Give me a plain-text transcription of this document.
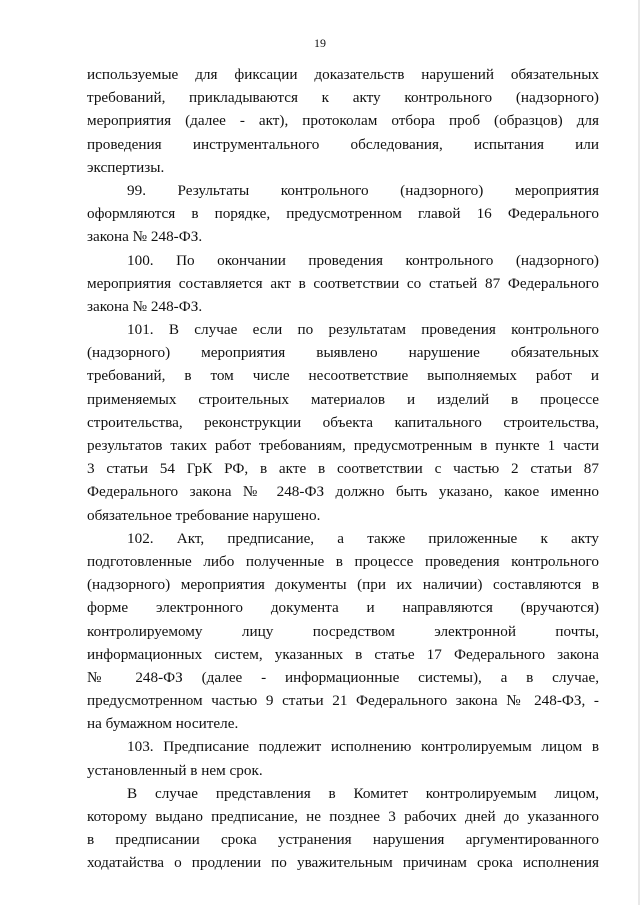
19
используемые для фиксации доказательств нарушений обязательных
требований, прикладываются к акту контрольного (надзорного)
мероприятия (далее - акт), протоколам отбора проб (образцов) для
проведения инструментального обследования, испытания или
экспертизы.
99. Результаты контрольного (надзорного) мероприятия
оформляются в порядке, предусмотренном главой 16 Федерального
закона № 248-ФЗ.
100. По окончании проведения контрольного (надзорного)
мероприятия составляется акт в соответствии со статьей 87 Федерального
закона № 248-ФЗ.
101. В случае если по результатам проведения контрольного
(надзорного) мероприятия выявлено нарушение обязательных
требований, в том числе несоответствие выполняемых работ и
применяемых строительных материалов и изделий в процессе
строительства, реконструкции объекта капитального строительства,
результатов таких работ требованиям, предусмотренным в пункте 1 части
3 статьи 54 ГрК РФ, в акте в соответствии с частью 2 статьи 87
Федерального закона № 248-ФЗ должно быть указано, какое именно
обязательное требование нарушено.
102. Акт, предписание, а также приложенные к акту
подготовленные либо полученные в процессе проведения контрольного
(надзорного) мероприятия документы (при их наличии) составляются в
форме электронного документа и направляются (вручаются)
контролируемому лицу посредством электронной почты,
информационных систем, указанных в статье 17 Федерального закона
№ 248-ФЗ (далее - информационные системы), а в случае,
предусмотренном частью 9 статьи 21 Федерального закона № 248-ФЗ, -
на бумажном носителе.
103. Предписание подлежит исполнению контролируемым лицом в
установленный в нем срок.
В случае представления в Комитет контролируемым лицом,
которому выдано предписание, не позднее 3 рабочих дней до указанного
в предписании срока устранения нарушения аргументированного
ходатайства о продлении по уважительным причинам срока исполнения
